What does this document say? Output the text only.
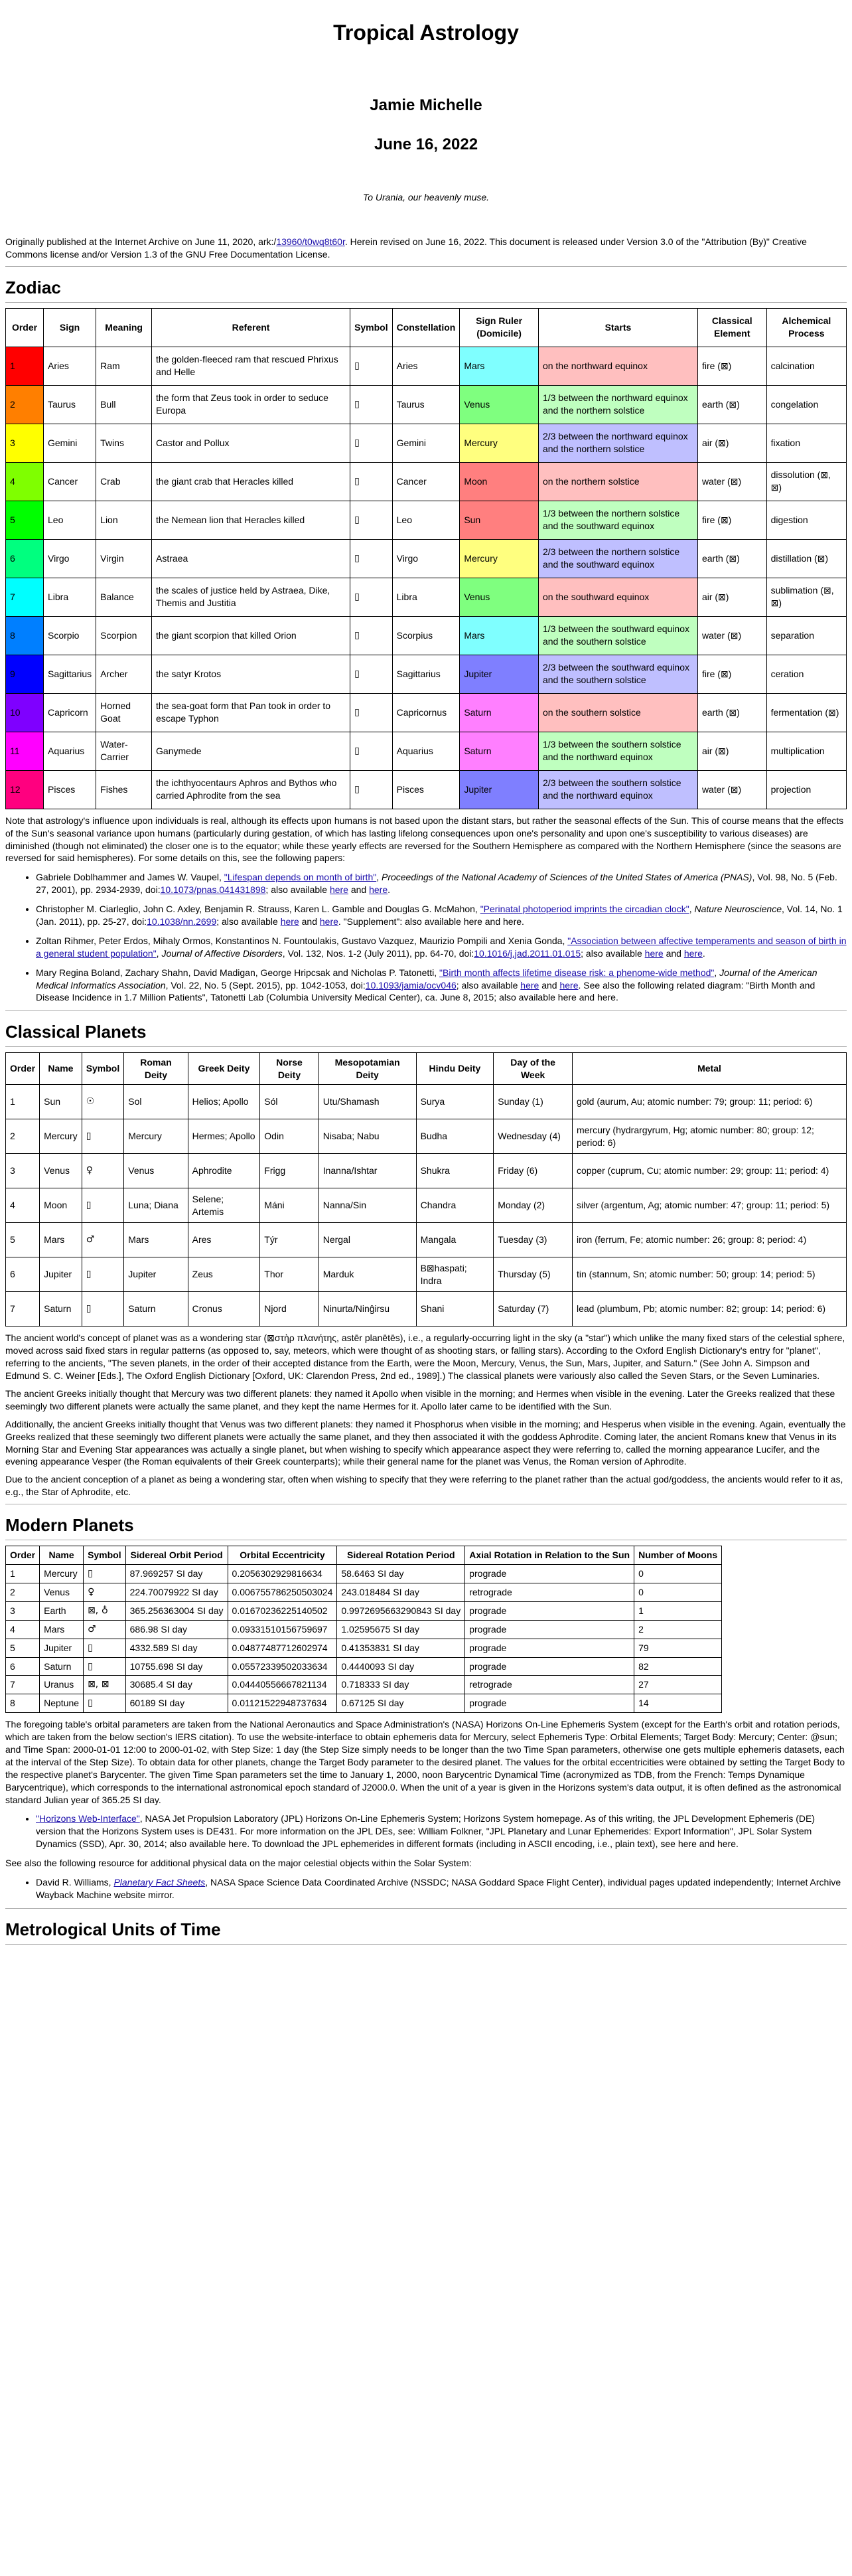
Tropical Astrology
Jamie Michelle
June 16, 2022
To Urania, our heavenly muse.
Originally published at the Internet Archive on June 11, 2020, ark:/13960/t0wq8t60r. Herein revised on June 16, 2022. This document is released under Version 3.0 of the "Attribution (By)" Creative Commons license and/or Version 1.3 of the GNU Free Documentation License.
Zodiac
Order	Sign	Meaning	Referent	Symbol	Constellation	Sign Ruler (Domicile)	Starts	Classical Element	Alchemical Process
1	Aries	Ram	the golden-fleeced ram that rescued Phrixus and Helle	▯	Aries	Mars	on the northward equinox	fire (⊠)	calcination
2	Taurus	Bull	the form that Zeus took in order to seduce Europa	▯	Taurus	Venus	1/3 between the northward equinox and the northern solstice	earth (⊠)	congelation
3	Gemini	Twins	Castor and Pollux	▯	Gemini	Mercury	2/3 between the northward equinox and the northern solstice	air (⊠)	fixation
4	Cancer	Crab	the giant crab that Heracles killed	▯	Cancer	Moon	on the northern solstice	water (⊠)	dissolution (⊠, ⊠)
5	Leo	Lion	the Nemean lion that Heracles killed	▯	Leo	Sun	1/3 between the northern solstice and the southward equinox	fire (⊠)	digestion
6	Virgo	Virgin	Astraea	▯	Virgo	Mercury	2/3 between the northern solstice and the southward equinox	earth (⊠)	distillation (⊠)
7	Libra	Balance	the scales of justice held by Astraea, Dike, Themis and Justitia	▯	Libra	Venus	on the southward equinox	air (⊠)	sublimation (⊠, ⊠)
8	Scorpio	Scorpion	the giant scorpion that killed Orion	▯	Scorpius	Mars	1/3 between the southward equinox and the southern solstice	water (⊠)	separation
9	Sagittarius	Archer	the satyr Krotos	▯	Sagittarius	Jupiter	2/3 between the southward equinox and the southern solstice	fire (⊠)	ceration
10	Capricorn	Horned Goat	the sea-goat form that Pan took in order to escape Typhon	▯	Capricornus	Saturn	on the southern solstice	earth (⊠)	fermentation (⊠)
11	Aquarius	Water-Carrier	Ganymede	▯	Aquarius	Saturn	1/3 between the southern solstice and the northward equinox	air (⊠)	multiplication
12	Pisces	Fishes	the ichthyocentaurs Aphros and Bythos who carried Aphrodite from the sea	▯	Pisces	Jupiter	2/3 between the southern solstice and the northward equinox	water (⊠)	projection

Note that astrology's influence upon individuals is real, although its effects upon humans is not based upon the distant stars, but rather the seasonal effects of the Sun. This of course means that the effects of the Sun's seasonal variance upon humans (particularly during gestation, of which has lasting lifelong consequences upon one's personality and upon one's susceptibility to various diseases) are diminished (though not eliminated) the closer one is to the equator; while these yearly effects are reversed for the Southern Hemisphere as compared with the Northern Hemisphere (since the seasons are reversed for said hemispheres). For some details on this, see the following papers:

• Gabriele Doblhammer and James W. Vaupel, "Lifespan depends on month of birth", Proceedings of the National Academy of Sciences of the United States of America (PNAS), Vol. 98, No. 5 (Feb. 27, 2001), pp. 2934-2939, doi:10.1073/pnas.041431898; also available here and here.
• Christopher M. Ciarleglio, John C. Axley, Benjamin R. Strauss, Karen L. Gamble and Douglas G. McMahon, "Perinatal photoperiod imprints the circadian clock", Nature Neuroscience, Vol. 14, No. 1 (Jan. 2011), pp. 25-27, doi:10.1038/nn.2699; also available here and here. "Supplement": also available here and here.
• Zoltan Rihmer, Peter Erdos, Mihaly Ormos, Konstantinos N. Fountoulakis, Gustavo Vazquez, Maurizio Pompili and Xenia Gonda, "Association between affective temperaments and season of birth in a general student population", Journal of Affective Disorders, Vol. 132, Nos. 1-2 (July 2011), pp. 64-70, doi:10.1016/j.jad.2011.01.015; also available here and here.
• Mary Regina Boland, Zachary Shahn, David Madigan, George Hripcsak and Nicholas P. Tatonetti, "Birth month affects lifetime disease risk: a phenome-wide method", Journal of the American Medical Informatics Association, Vol. 22, No. 5 (Sept. 2015), pp. 1042-1053, doi:10.1093/jamia/ocv046; also available here and here. See also the following related diagram: "Birth Month and Disease Incidence in 1.7 Million Patients", Tatonetti Lab (Columbia University Medical Center), ca. June 8, 2015; also available here and here.
Classical Planets
Order	Name	Symbol	Roman Deity	Greek Deity	Norse Deity	Mesopotamian Deity	Hindu Deity	Day of the Week	Metal
1	Sun	☉	Sol	Helios; Apollo	Sól	Utu/Shamash	Surya	Sunday (1)	gold (aurum, Au; atomic number: 79; group: 11; period: 6)
2	Mercury	▯	Mercury	Hermes; Apollo	Odin	Nisaba; Nabu	Budha	Wednesday (4)	mercury (hydrargyrum, Hg; atomic number: 80; group: 12; period: 6)
3	Venus	♀	Venus	Aphrodite	Frigg	Inanna/Ishtar	Shukra	Friday (6)	copper (cuprum, Cu; atomic number: 29; group: 11; period: 4)
4	Moon	▯	Luna; Diana	Selene; Artemis	Máni	Nanna/Sin	Chandra	Monday (2)	silver (argentum, Ag; atomic number: 47; group: 11; period: 5)
5	Mars	♂	Mars	Ares	Týr	Nergal	Mangala	Tuesday (3)	iron (ferrum, Fe; atomic number: 26; group: 8; period: 4)
6	Jupiter	▯	Jupiter	Zeus	Thor	Marduk	B⊠haspati; Indra	Thursday (5)	tin (stannum, Sn; atomic number: 50; group: 14; period: 5)
7	Saturn	▯	Saturn	Cronus	Njord	Ninurta/Ninĝirsu	Shani	Saturday (7)	lead (plumbum, Pb; atomic number: 82; group: 14; period: 6)

The ancient world's concept of planet was as a wondering star (⊠στὴρ πλανήτης, astēr planētēs), i.e., a regularly-occurring light in the sky (a "star") which unlike the many fixed stars of the celestial sphere, moved across said fixed stars in regular patterns (as opposed to, say, meteors, which were thought of as shooting stars, or falling stars). According to the Oxford English Dictionary's entry for "planet", referring to the ancients, "The seven planets, in the order of their accepted distance from the Earth, were the Moon, Mercury, Venus, the Sun, Mars, Jupiter, and Saturn." (See John A. Simpson and Edmund S. C. Weiner [Eds.], The Oxford English Dictionary [Oxford, UK: Clarendon Press, 2nd ed., 1989].) The classical planets were variously also called the Seven Stars, or the Seven Luminaries.

The ancient Greeks initially thought that Mercury was two different planets: they named it Apollo when visible in the morning; and Hermes when visible in the evening. Later the Greeks realized that these seemingly two different planets were actually the same planet, and they kept the name Hermes for it. Apollo later came to be identified with the Sun.

Additionally, the ancient Greeks initially thought that Venus was two different planets: they named it Phosphorus when visible in the morning; and Hesperus when visible in the evening. Again, eventually the Greeks realized that these seemingly two different planets were actually the same planet, and they then associated it with the goddess Aphrodite. Coming later, the ancient Romans knew that Venus in its Morning Star and Evening Star appearances was actually a single planet, but when wishing to specify which appearance aspect they were referring to, called the morning appearance Lucifer, and the evening appearance Vesper (the Roman equivalents of their Greek counterparts); while their general name for the planet was Venus, the Roman version of Aphrodite.

Due to the ancient conception of a planet as being a wondering star, often when wishing to specify that they were referring to the planet rather than the actual god/goddess, the ancients would refer to it as, e.g., the Star of Aphrodite, etc.

Modern Planets
Order	Name	Symbol	Sidereal Orbit Period	Orbital Eccentricity	Sidereal Rotation Period	Axial Rotation in Relation to the Sun	Number of Moons
1	Mercury	▯	87.969257 SI day	0.2056302929816634	58.6463 SI day	prograde	0
2	Venus	♀	224.70079922 SI day	0.006755786250503024	243.018484 SI day	retrograde	0
3	Earth	⊠, ♁	365.256363004 SI day	0.01670236225140502	0.9972695663290843 SI day	prograde	1
4	Mars	♂	686.98 SI day	0.09331510156759697	1.02595675 SI day	prograde	2
5	Jupiter	▯	4332.589 SI day	0.04877487712602974	0.41353831 SI day	prograde	79
6	Saturn	▯	10755.698 SI day	0.05572339502033634	0.4440093 SI day	prograde	82
7	Uranus	⊠, ⊠	30685.4 SI day	0.04440556667821134	0.718333 SI day	retrograde	27
8	Neptune	▯	60189 SI day	0.01121522948737634	0.67125 SI day	prograde	14

The foregoing table's orbital parameters are taken from the National Aeronautics and Space Administration's (NASA) Horizons On-Line Ephemeris System (except for the Earth's orbit and rotation periods, which are taken from the below section's IERS citation). To use the website-interface to obtain ephemeris data for Mercury, select Ephemeris Type: Orbital Elements; Target Body: Mercury; Center: @sun; and Time Span: 2000-01-01 12:00 to 2000-01-02, with Step Size: 1 day (the Step Size simply needs to be longer than the two Time Span parameters, otherwise one gets multiple ephemeris datasets, each at the interval of the Step Size). To obtain data for other planets, change the Target Body parameter to the desired planet. The values for the orbital eccentricities were obtained by setting the Target Body to the respective planet's Barycenter. The given Time Span parameters set the time to January 1, 2000, noon Barycentric Dynamical Time (acronymized as TDB, from the French: Temps Dynamique Barycentrique), which corresponds to the international astronomical epoch standard of J2000.0. When the unit of a year is given in the Horizons system's data output, it is often defined as the astronomical standard Julian year of 365.25 SI day.

• "Horizons Web-Interface", NASA Jet Propulsion Laboratory (JPL) Horizons On-Line Ephemeris System; Horizons System homepage. As of this writing, the JPL Development Ephemeris (DE) version that the Horizons System uses is DE431. For more information on the JPL DEs, see: William Folkner, "JPL Planetary and Lunar Ephemerides: Export Information", JPL Solar System Dynamics (SSD), Apr. 30, 2014; also available here. To download the JPL ephemerides in different formats (including in ASCII encoding, i.e., plain text), see here and here.

See also the following resource for additional physical data on the major celestial objects within the Solar System:

• David R. Williams, Planetary Fact Sheets, NASA Space Science Data Coordinated Archive (NSSDC; NASA Goddard Space Flight Center), individual pages updated independently; Internet Archive Wayback Machine website mirror.
Metrological Units of Time
